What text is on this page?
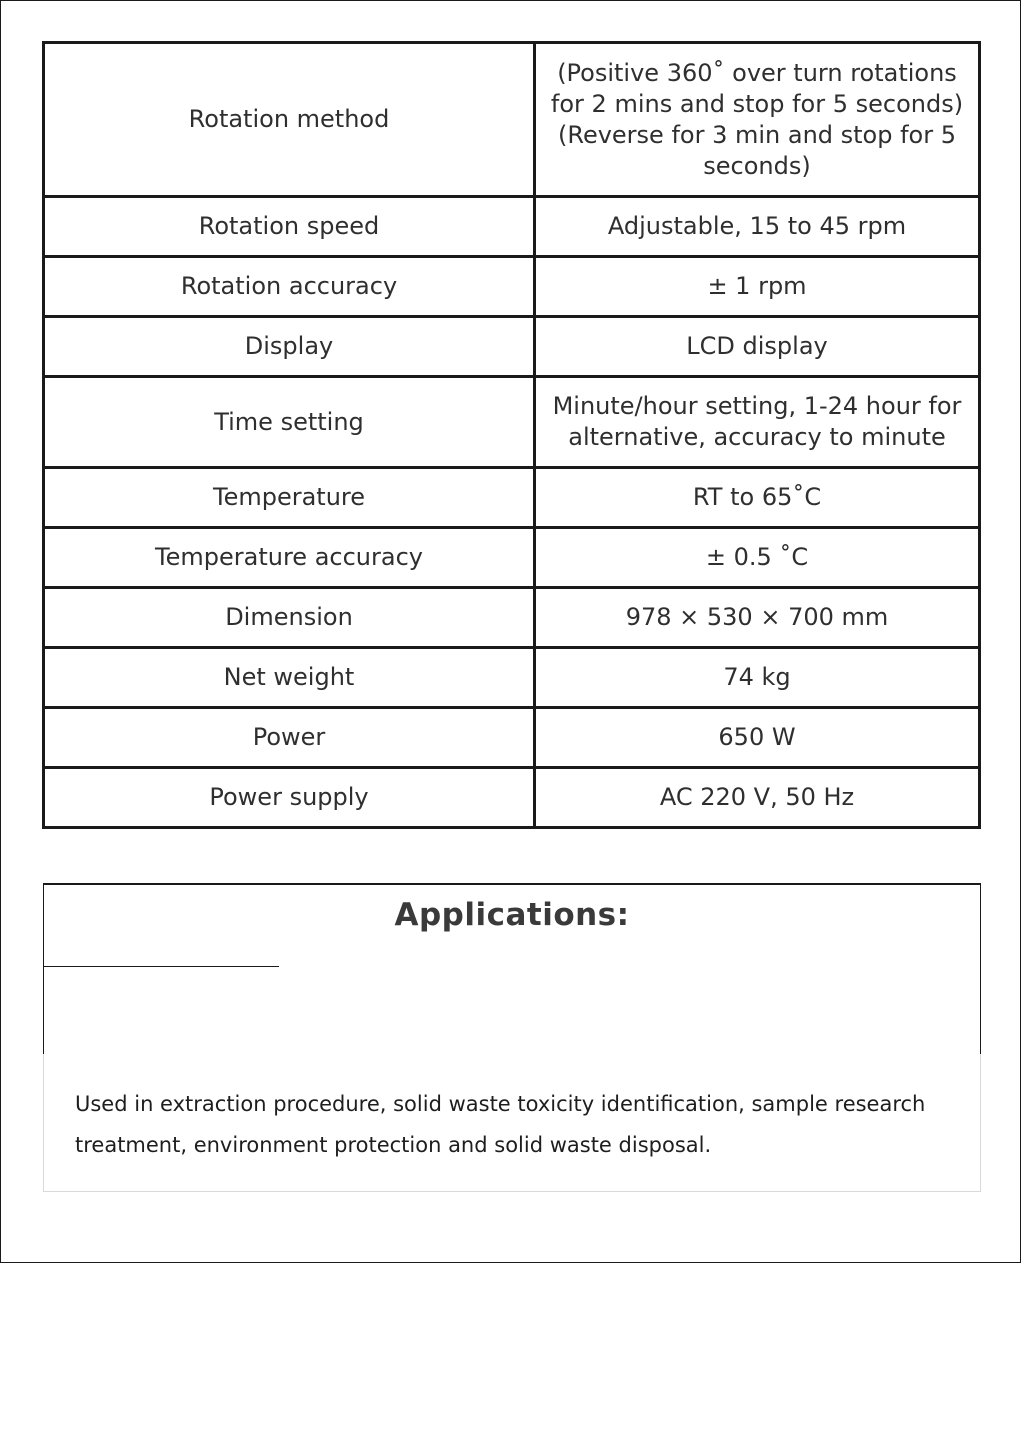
Rotation method	(Positive 360˚ over turn rotations for 2 mins and stop for 5 seconds) (Reverse for 3 min and stop for 5 seconds)
Rotation speed	Adjustable, 15 to 45 rpm
Rotation accuracy	± 1 rpm
Display	LCD display
Time setting	Minute/hour setting, 1-24 hour for alternative, accuracy to minute
Temperature	RT to 65˚C
Temperature accuracy	± 0.5 ˚C
Dimension	978 × 530 × 700 mm
Net weight	74 kg
Power	650 W
Power supply	AC 220 V, 50 Hz
Applications:
Used in extraction procedure, solid waste toxicity identification, sample research treatment, environment protection and solid waste disposal.
